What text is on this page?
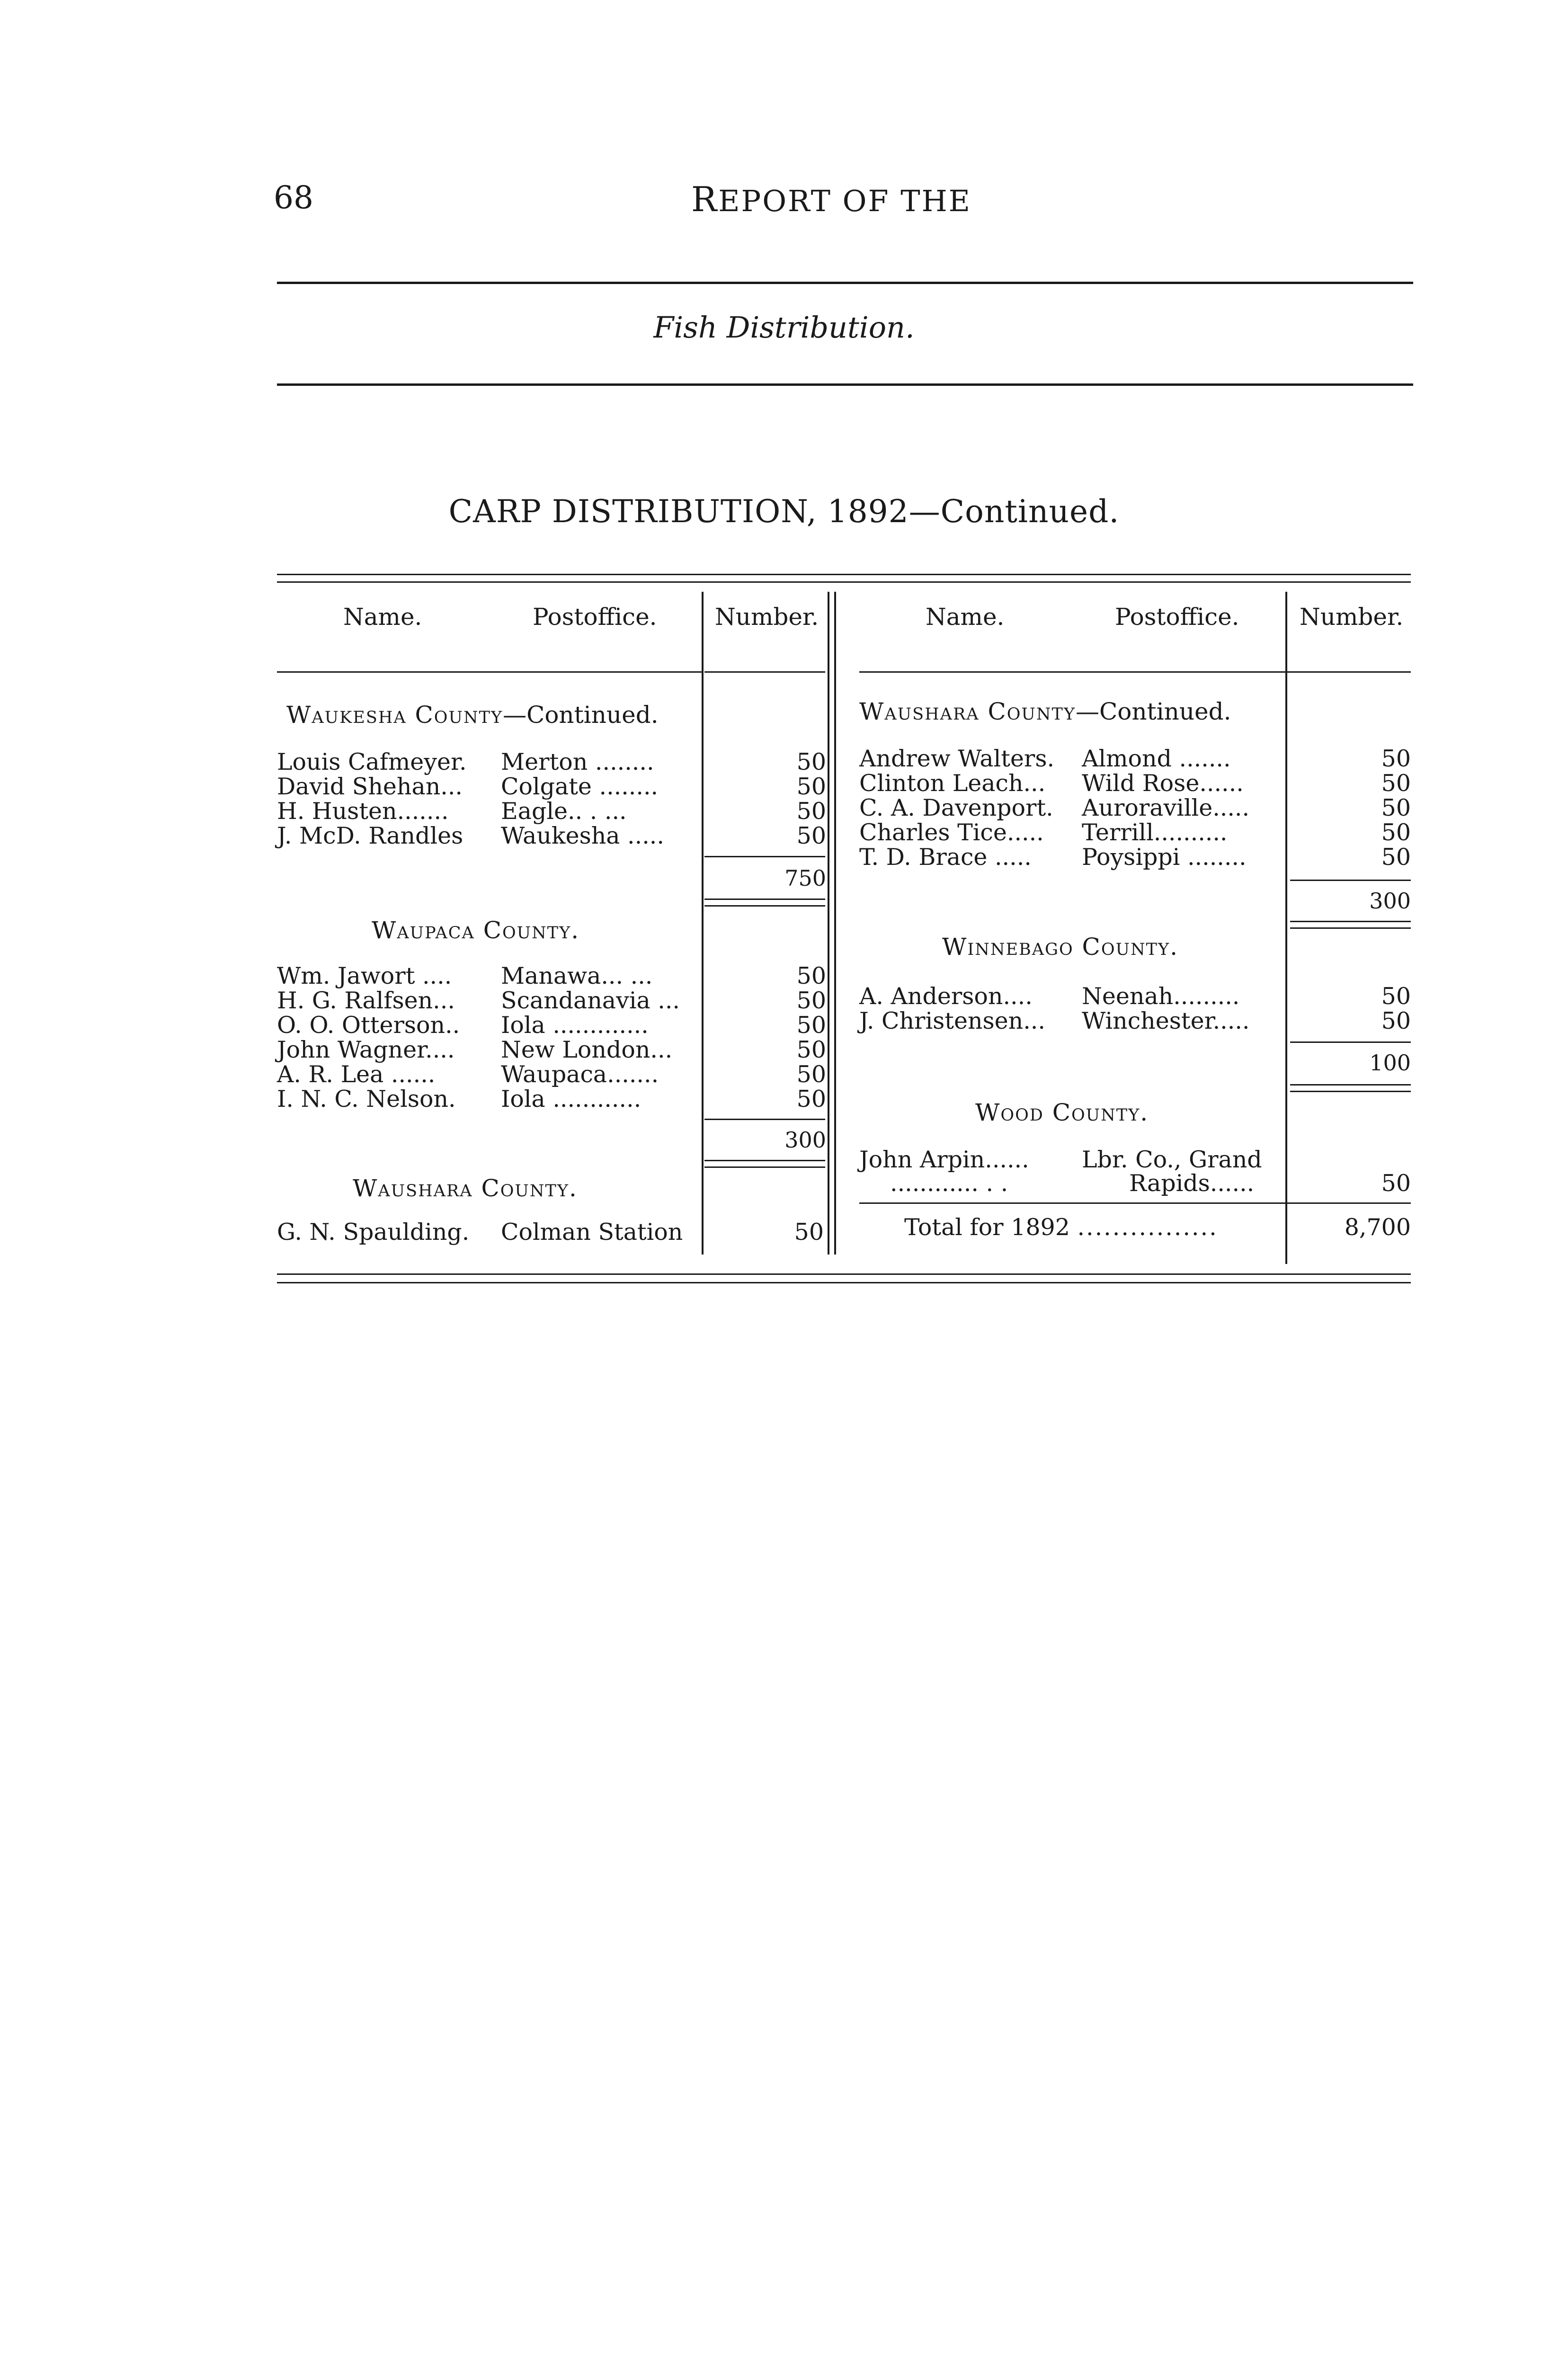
68	REPORT OF THE
Fish Distribution.
CARP DISTRIBUTION, 1892—Continued.
Name.	Postoffice. Number.	Name.	Postoffice.	Number.
Waukesha County—Continued.
Louis Cafmeyer. Merton ........	50
David Shehan... Colgate ........	50
H. Husten....... Eagle.. . ...	50
J. McD. Randles Waukesha .....	50
750
Waupaca County.
Wm. Jawort .... Manawa... ...	50
H. G. Ralfsen... Scandanavia ...	50
O. O. Otterson.. Iola .............	50
John Wagner.... New London...	50
A. R. Lea ......	Waupaca.......	50
I. N. C. Nelson. Iola ............	50
300
Waushara County.
G. N. Spaulding. Colman Station	50
Waushara County—Continued.
Andrew Walters. Almond .......	50
Clinton Leach... Wild Rose......	50
C. A. Davenport. Auroraville.....	50
Charles Tice..... Terrill..........	50
T. D. Brace ..... Poysippi ........	50
300
Winnebago County.
A. Anderson.... Neenah.........	50
J. Christensen... Winchester.....	50
100
Wood County.
John Arpin...... Lbr. Co., Grand
............ . .	Rapids......	50
Total for 1892 ................	8,700
